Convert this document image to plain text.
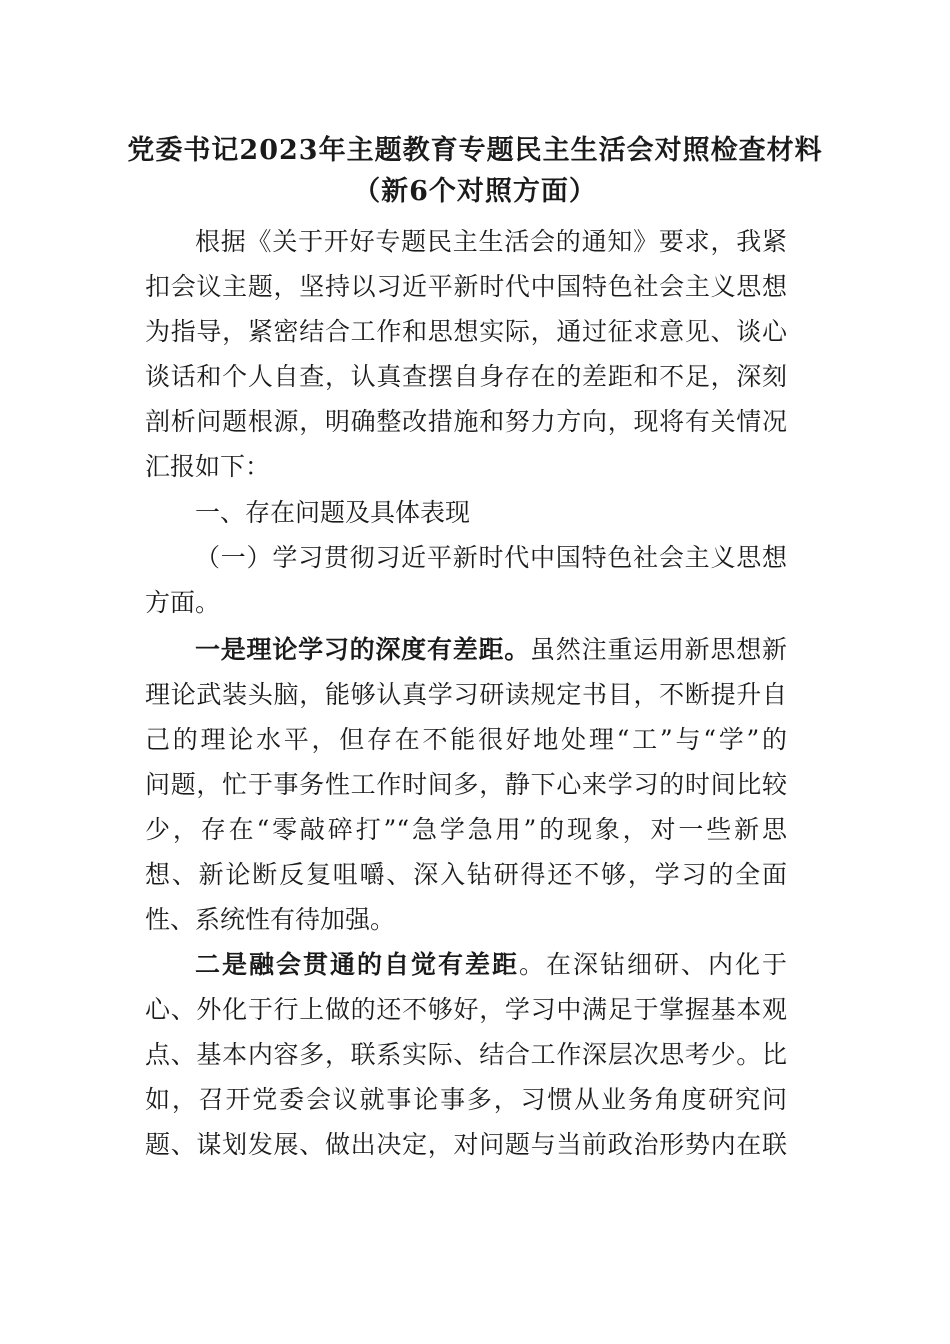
党委书记2023年主题教育专题民主生活会对照检查材料
（新6个对照方面）
根据《关于开好专题民主生活会的通知》要求，我紧
扣会议主题，坚持以习近平新时代中国特色社会主义思想
为指导，紧密结合工作和思想实际，通过征求意见、谈心
谈话和个人自查，认真查摆自身存在的差距和不足，深刻
剖析问题根源，明确整改措施和努力方向，现将有关情况
汇报如下：
一、存在问题及具体表现
（一）学习贯彻习近平新时代中国特色社会主义思想
方面。
一是理论学习的深度有差距。虽然注重运用新思想新
理论武装头脑，能够认真学习研读规定书目，不断提升自
己的理论水平，但存在不能很好地处理“工”与“学”的
问题，忙于事务性工作时间多，静下心来学习的时间比较
少，存在“零敲碎打”“急学急用”的现象，对一些新思
想、新论断反复咀嚼、深入钻研得还不够，学习的全面
性、系统性有待加强。
二是融会贯通的自觉有差距。在深钻细研、内化于
心、外化于行上做的还不够好，学习中满足于掌握基本观
点、基本内容多，联系实际、结合工作深层次思考少。比
如，召开党委会议就事论事多，习惯从业务角度研究问
题、谋划发展、做出决定，对问题与当前政治形势内在联
